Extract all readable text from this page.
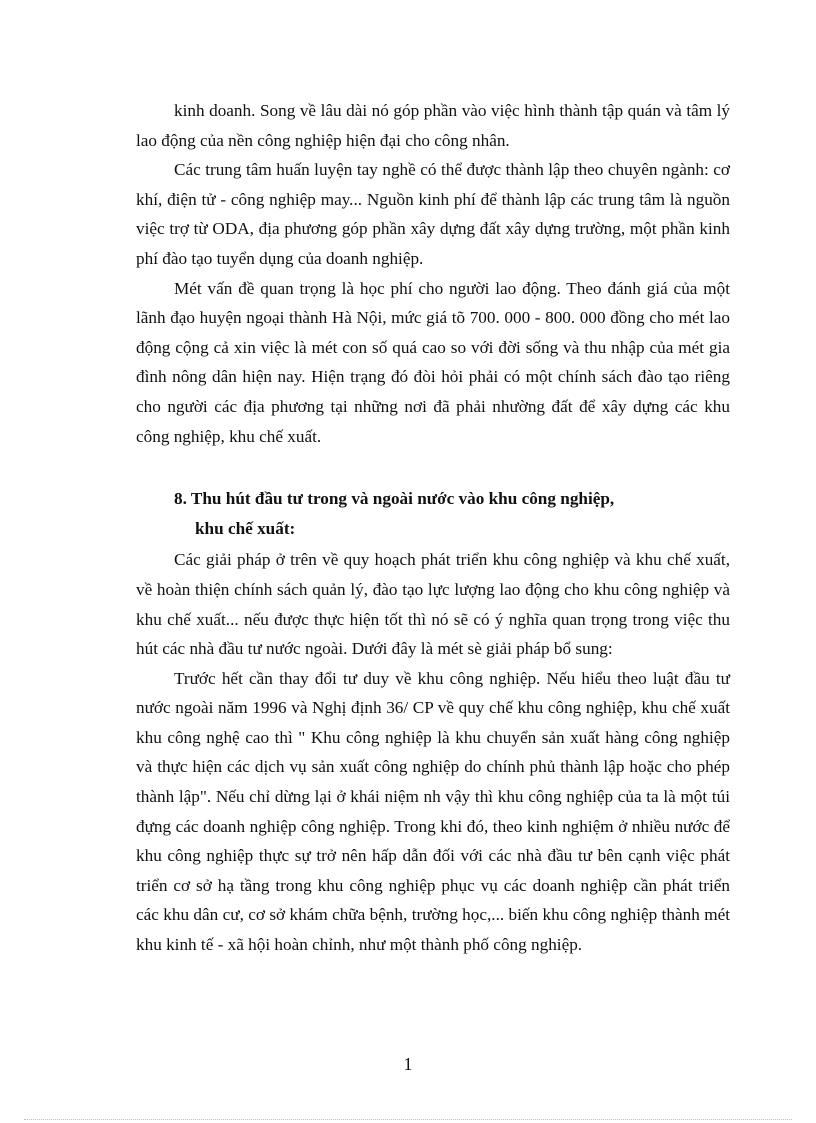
kinh doanh. Song về lâu dài nó góp phần vào việc hình thành tập quán và tâm lý lao động của nền công nghiệp hiện đại cho công nhân.

Các trung tâm huấn luyện tay nghề có thể được thành lập theo chuyên ngành: cơ khí, điện tử - công nghiệp may... Nguồn kinh phí để thành lập các trung tâm là nguồn việc trợ từ ODA, địa phương góp phần xây dựng đất xây dựng trường, một phần kinh phí đào tạo tuyển dụng của doanh nghiệp.

Mét vấn đề quan trọng là học phí cho người lao động. Theo đánh giá của một lãnh đạo huyện ngoại thành Hà Nội, mức giá tõ 700. 000 - 800. 000 đồng cho mét lao động cộng cả xin việc là mét con số quá cao so với đời sống và thu nhập của mét gia đình nông dân hiện nay. Hiện trạng đó đòi hỏi phải có một chính sách đào tạo riêng cho người các địa phương tại những nơi đã phải nhường đất để xây dựng các khu công nghiệp, khu chế xuất.

8. Thu hút đầu tư trong và ngoài nước vào khu công nghiệp,
khu chế xuất:

Các giải pháp ở trên về quy hoạch phát triển khu công nghiệp và khu chế xuất, về hoàn thiện chính sách quản lý, đào tạo lực lượng lao động cho khu công nghiệp và khu chế xuất... nếu được thực hiện tốt thì nó sẽ có ý nghĩa quan trọng trong việc thu hút các nhà đầu tư nước ngoài. Dưới đây là mét sè giải pháp bổ sung:

Trước hết cần thay đổi tư duy về khu công nghiệp. Nếu hiểu theo luật đầu tư nước ngoài năm 1996 và Nghị định 36/ CP về quy chế khu công nghiệp, khu chế xuất khu công nghệ cao thì " Khu công nghiệp là khu chuyển sản xuất hàng công nghiệp và thực hiện các dịch vụ sản xuất công nghiệp do chính phủ thành lập hoặc cho phép thành lập". Nếu chỉ dừng lại ở khái niệm nh vậy thì khu công nghiệp của ta là một túi đựng các doanh nghiệp công nghiệp. Trong khi đó, theo kinh nghiệm ở nhiều nước để khu công nghiệp thực sự trở nên hấp dẫn đối với các nhà đầu tư bên cạnh việc phát triển cơ sở hạ tầng trong khu công nghiệp phục vụ các doanh nghiệp cần phát triển các khu dân cư, cơ sở khám chữa bệnh, trường học,... biến khu công nghiệp thành mét khu kinh tế - xã hội hoàn chỉnh, như một thành phố công nghiệp.

1
